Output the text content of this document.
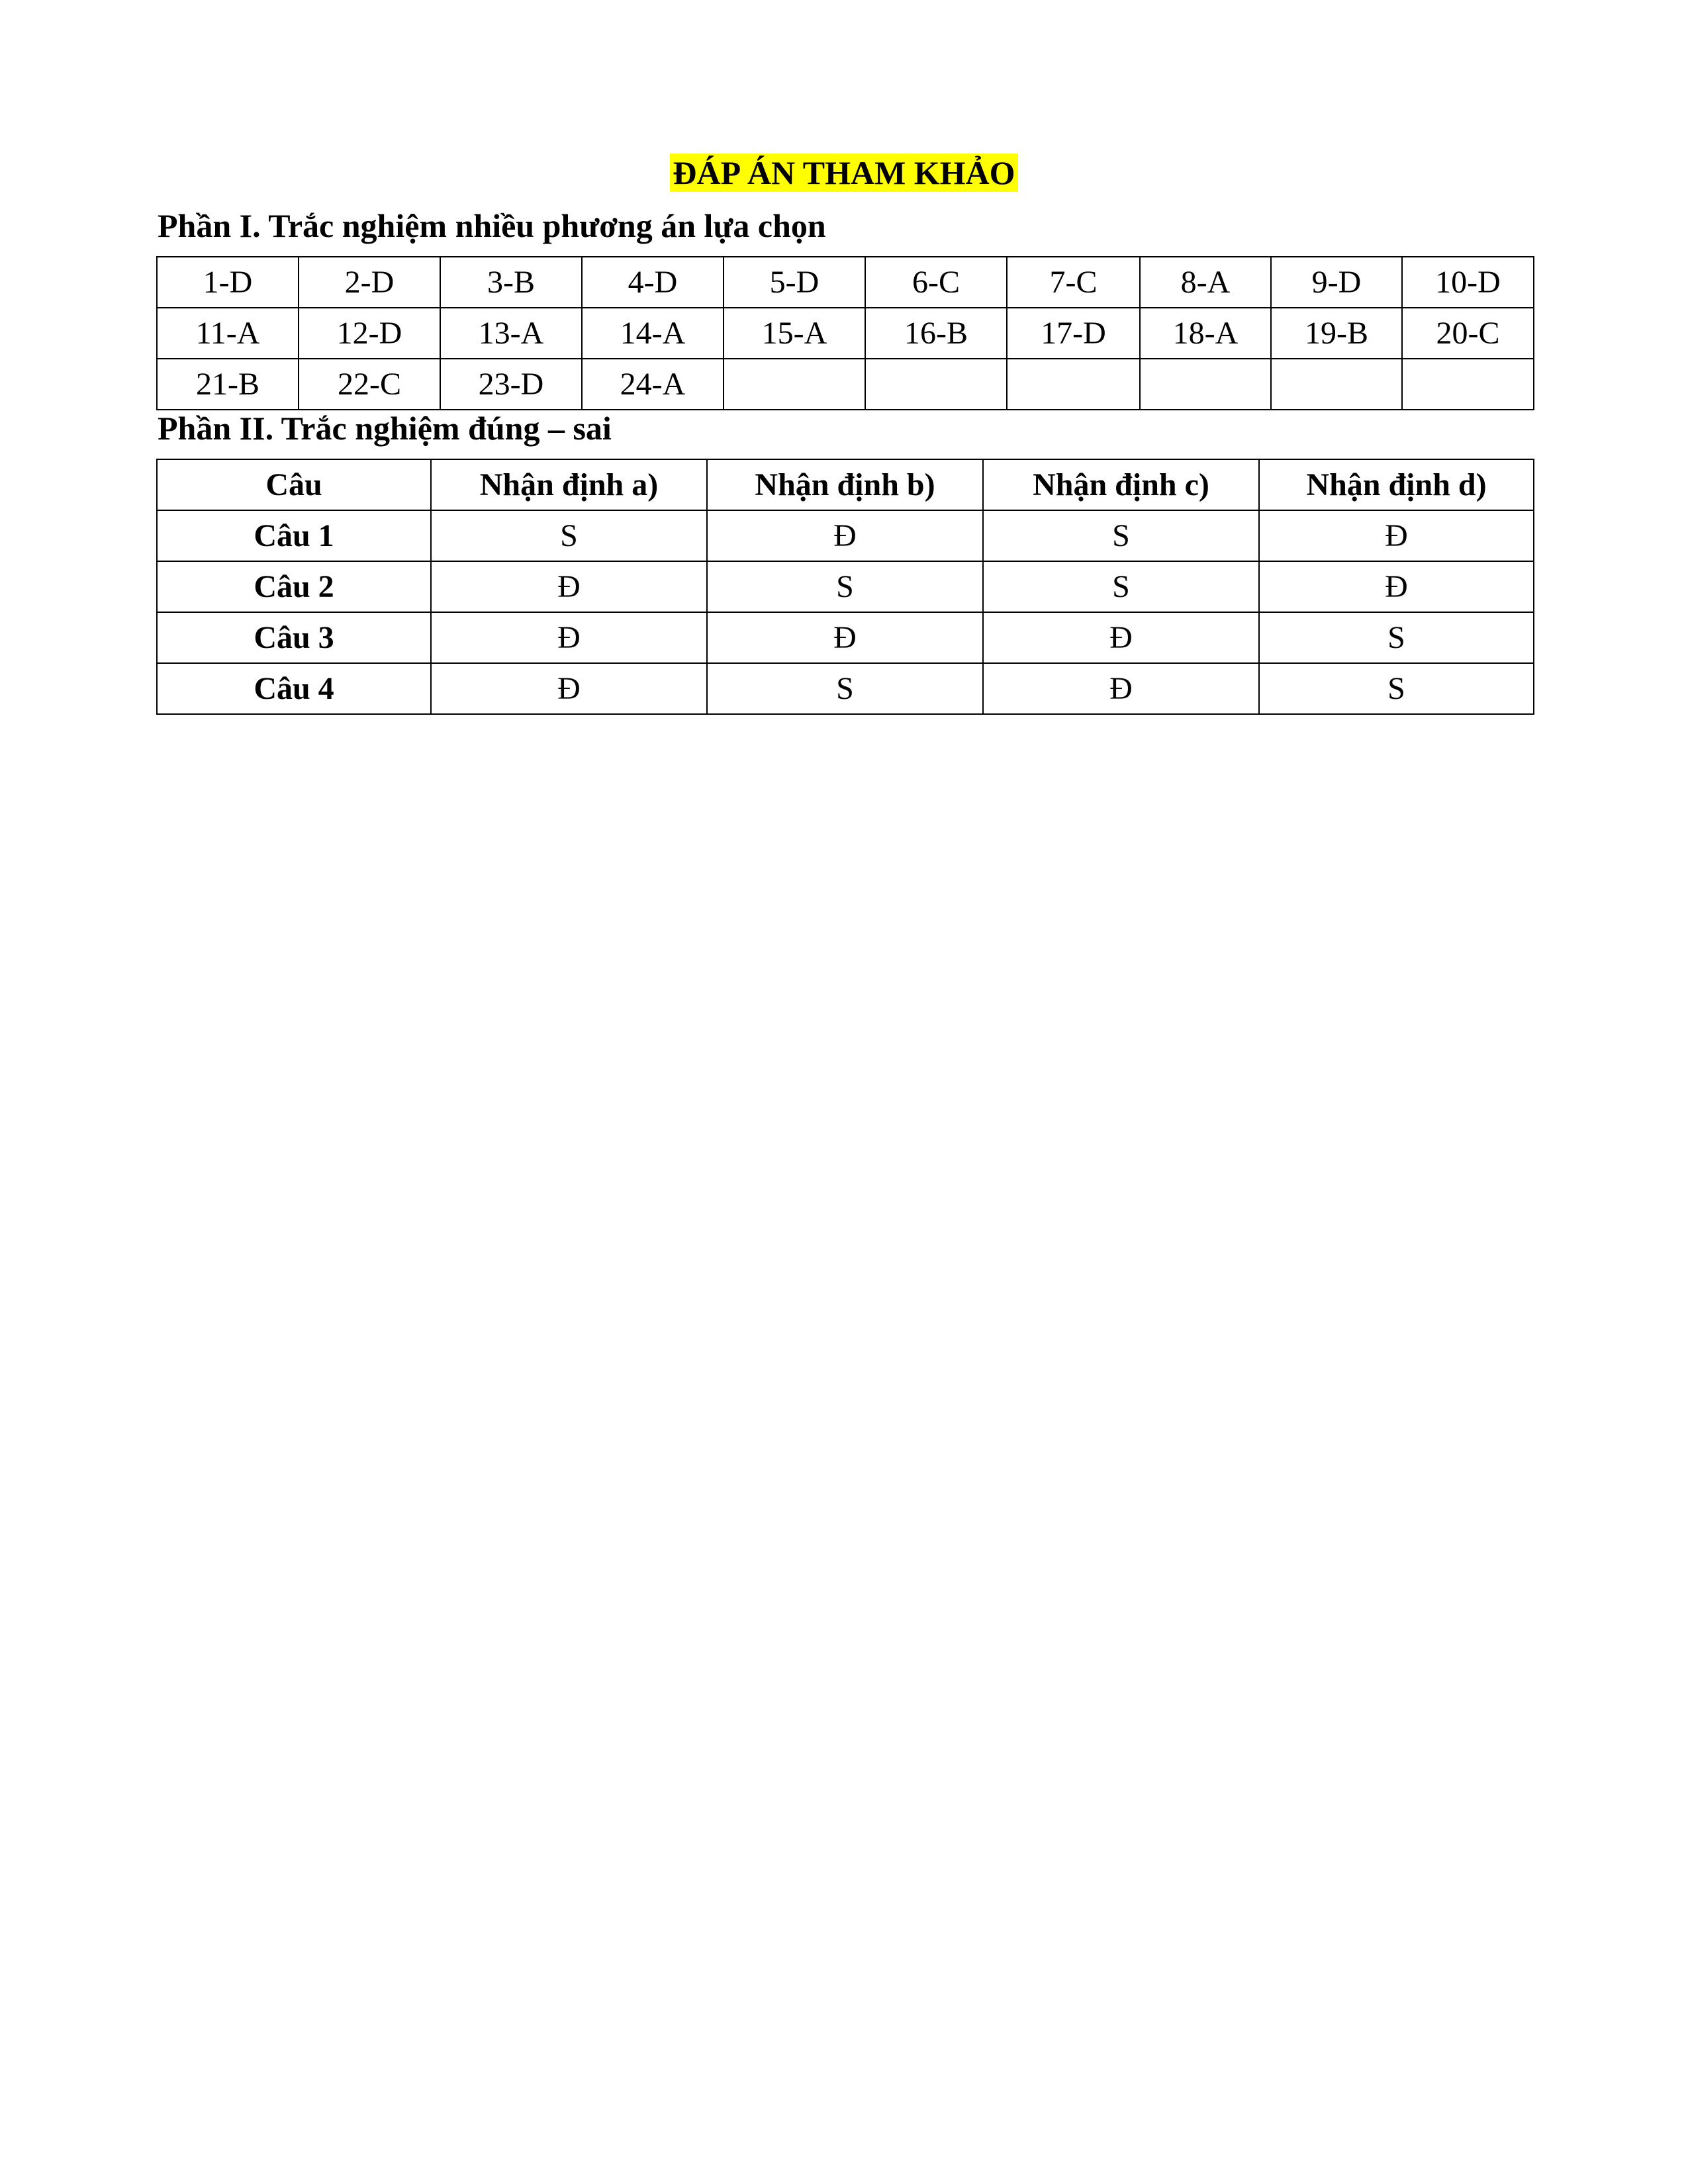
ĐÁP ÁN THAM KHẢO
Phần I. Trắc nghiệm nhiều phương án lựa chọn
1-D	2-D	3-B	4-D	5-D	6-C	7-C	8-A	9-D	10-D
11-A	12-D	13-A	14-A	15-A	16-B	17-D	18-A	19-B	20-C
21-B	22-C	23-D	24-A						
Phần II. Trắc nghiệm đúng – sai
Câu	Nhận định a)	Nhận định b)	Nhận định c)	Nhận định d)
Câu 1	S	Đ	S	Đ
Câu 2	Đ	S	S	Đ
Câu 3	Đ	Đ	Đ	S
Câu 4	Đ	S	Đ	S
